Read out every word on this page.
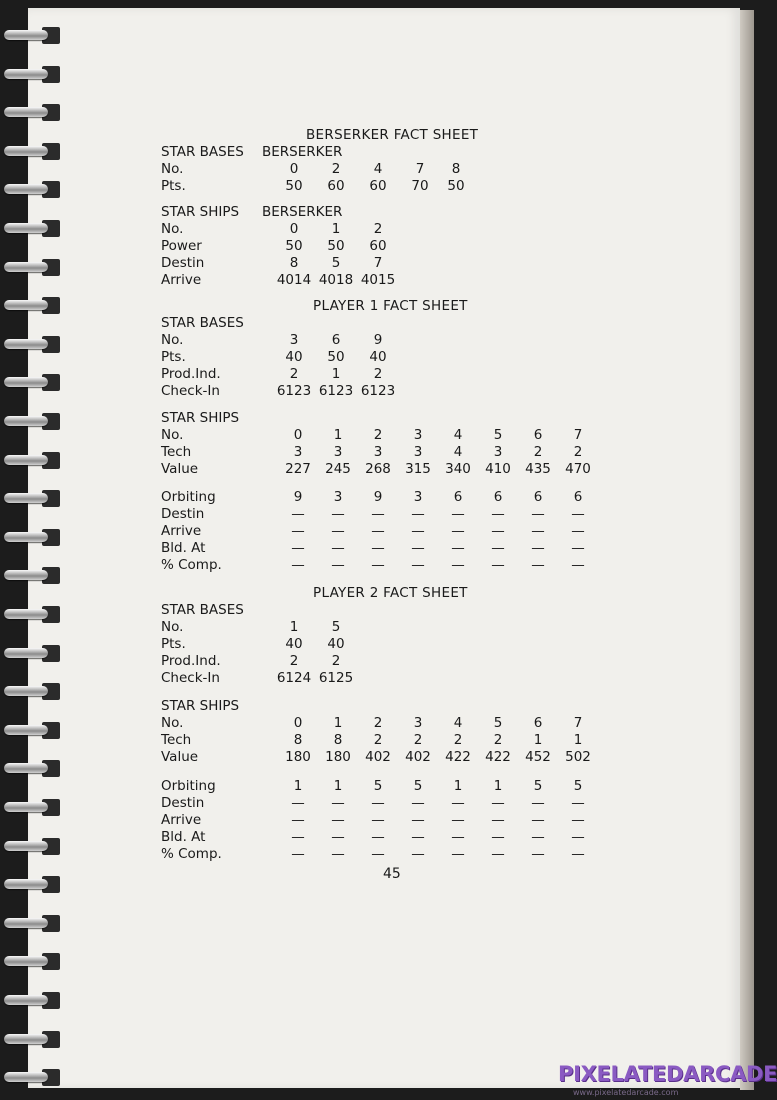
BERSERKER FACT SHEET
STAR BASES BERSERKER
No.	0	2	4	7	8
Pts.	50	60	60	70	50
STAR SHIPS BERSERKER
No.	0	1	2
Power	50	50	60
Destin	8	5	7
Arrive	4014 4018 4015
PLAYER 1 FACT SHEET
STAR BASES
No.	3	6	9
Pts.	40	50	40
Prod.Ind.	2	1	2
Check-In	6123 6123 6123
STAR SHIPS
No.	0	1	2	3	4	5	6	7
Tech	3	3	3	3	4	3	2	2
Value	227	245	268	315	340	410	435	470
Orbiting	9	3	9	3	6	6	6	6
Destin	—	—	—	—	—	—	—	—
Arrive	—	—	—	—	—	—	—	—
Bld. At	—	—	—	—	—	—	—	—
% Comp.	—	—	—	—	—	—	—	—
PLAYER 2 FACT SHEET
STAR BASES
No.	1	5
Pts.	40	40
Prod.Ind.	2	2
Check-In	6124 6125
STAR SHIPS
No.	0	1	2	3	4	5	6	7
Tech	8	8	2	2	2	2	1	1
Value	180	180	402	402	422	422	452	502
Orbiting	1	1	5	5	1	1	5	5
Destin	—	—	—	—	—	—	—	—
Arrive	—	—	—	—	—	—	—	—
Bld. At	—	—	—	—	—	—	—	—
% Comp.	—	—	—	—	—	—	—	—
45
PIXELATEDARCADE
www.pixelatedarcade.com
